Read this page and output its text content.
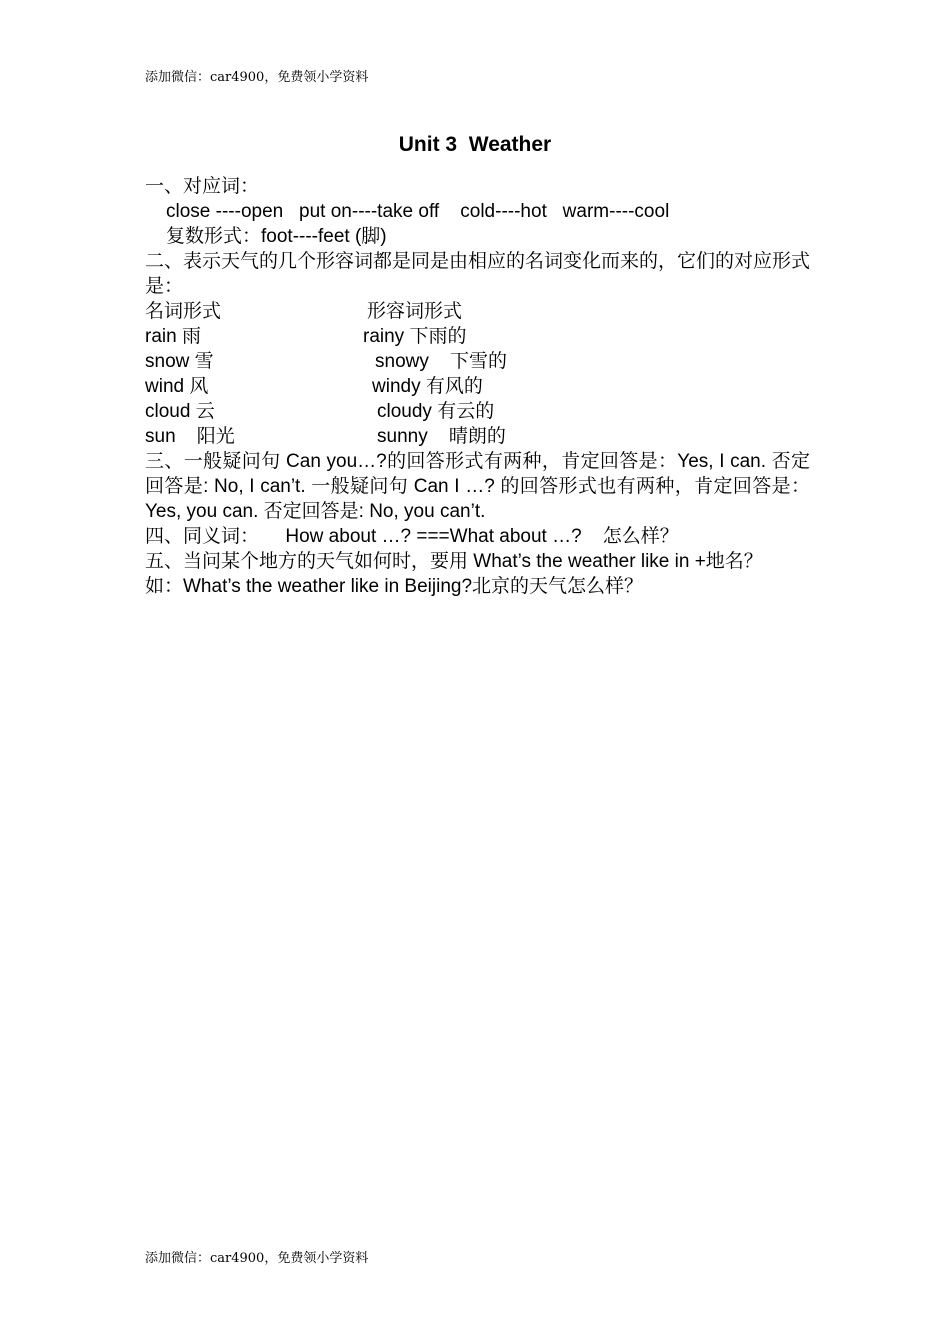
添加微信：car4900，免费领小学资料
Unit 3  Weather
一、对应词：
close ----open   put on----take off    cold----hot   warm----cool
复数形式：foot----feet (脚)
二、表示天气的几个形容词都是同是由相应的名词变化而来的，它们的对应形式是：
名词形式	形容词形式
rain 雨	rainy 下雨的
snow 雪	snowy    下雪的
wind 风	windy 有风的
cloud 云	cloudy 有云的
sun    阳光	sunny    晴朗的
三、一般疑问句 Can you…?的回答形式有两种，肯定回答是：Yes, I can. 否定回答是: No, I can’t. 一般疑问句 Can I …? 的回答形式也有两种，肯定回答是：Yes, you can. 否定回答是: No, you can’t.
四、同义词：     How about …? ===What about …?    怎么样？
五、当问某个地方的天气如何时，要用 What’s the weather like in +地名？
如：What’s the weather like in Beijing?北京的天气怎么样？
添加微信：car4900，免费领小学资料
